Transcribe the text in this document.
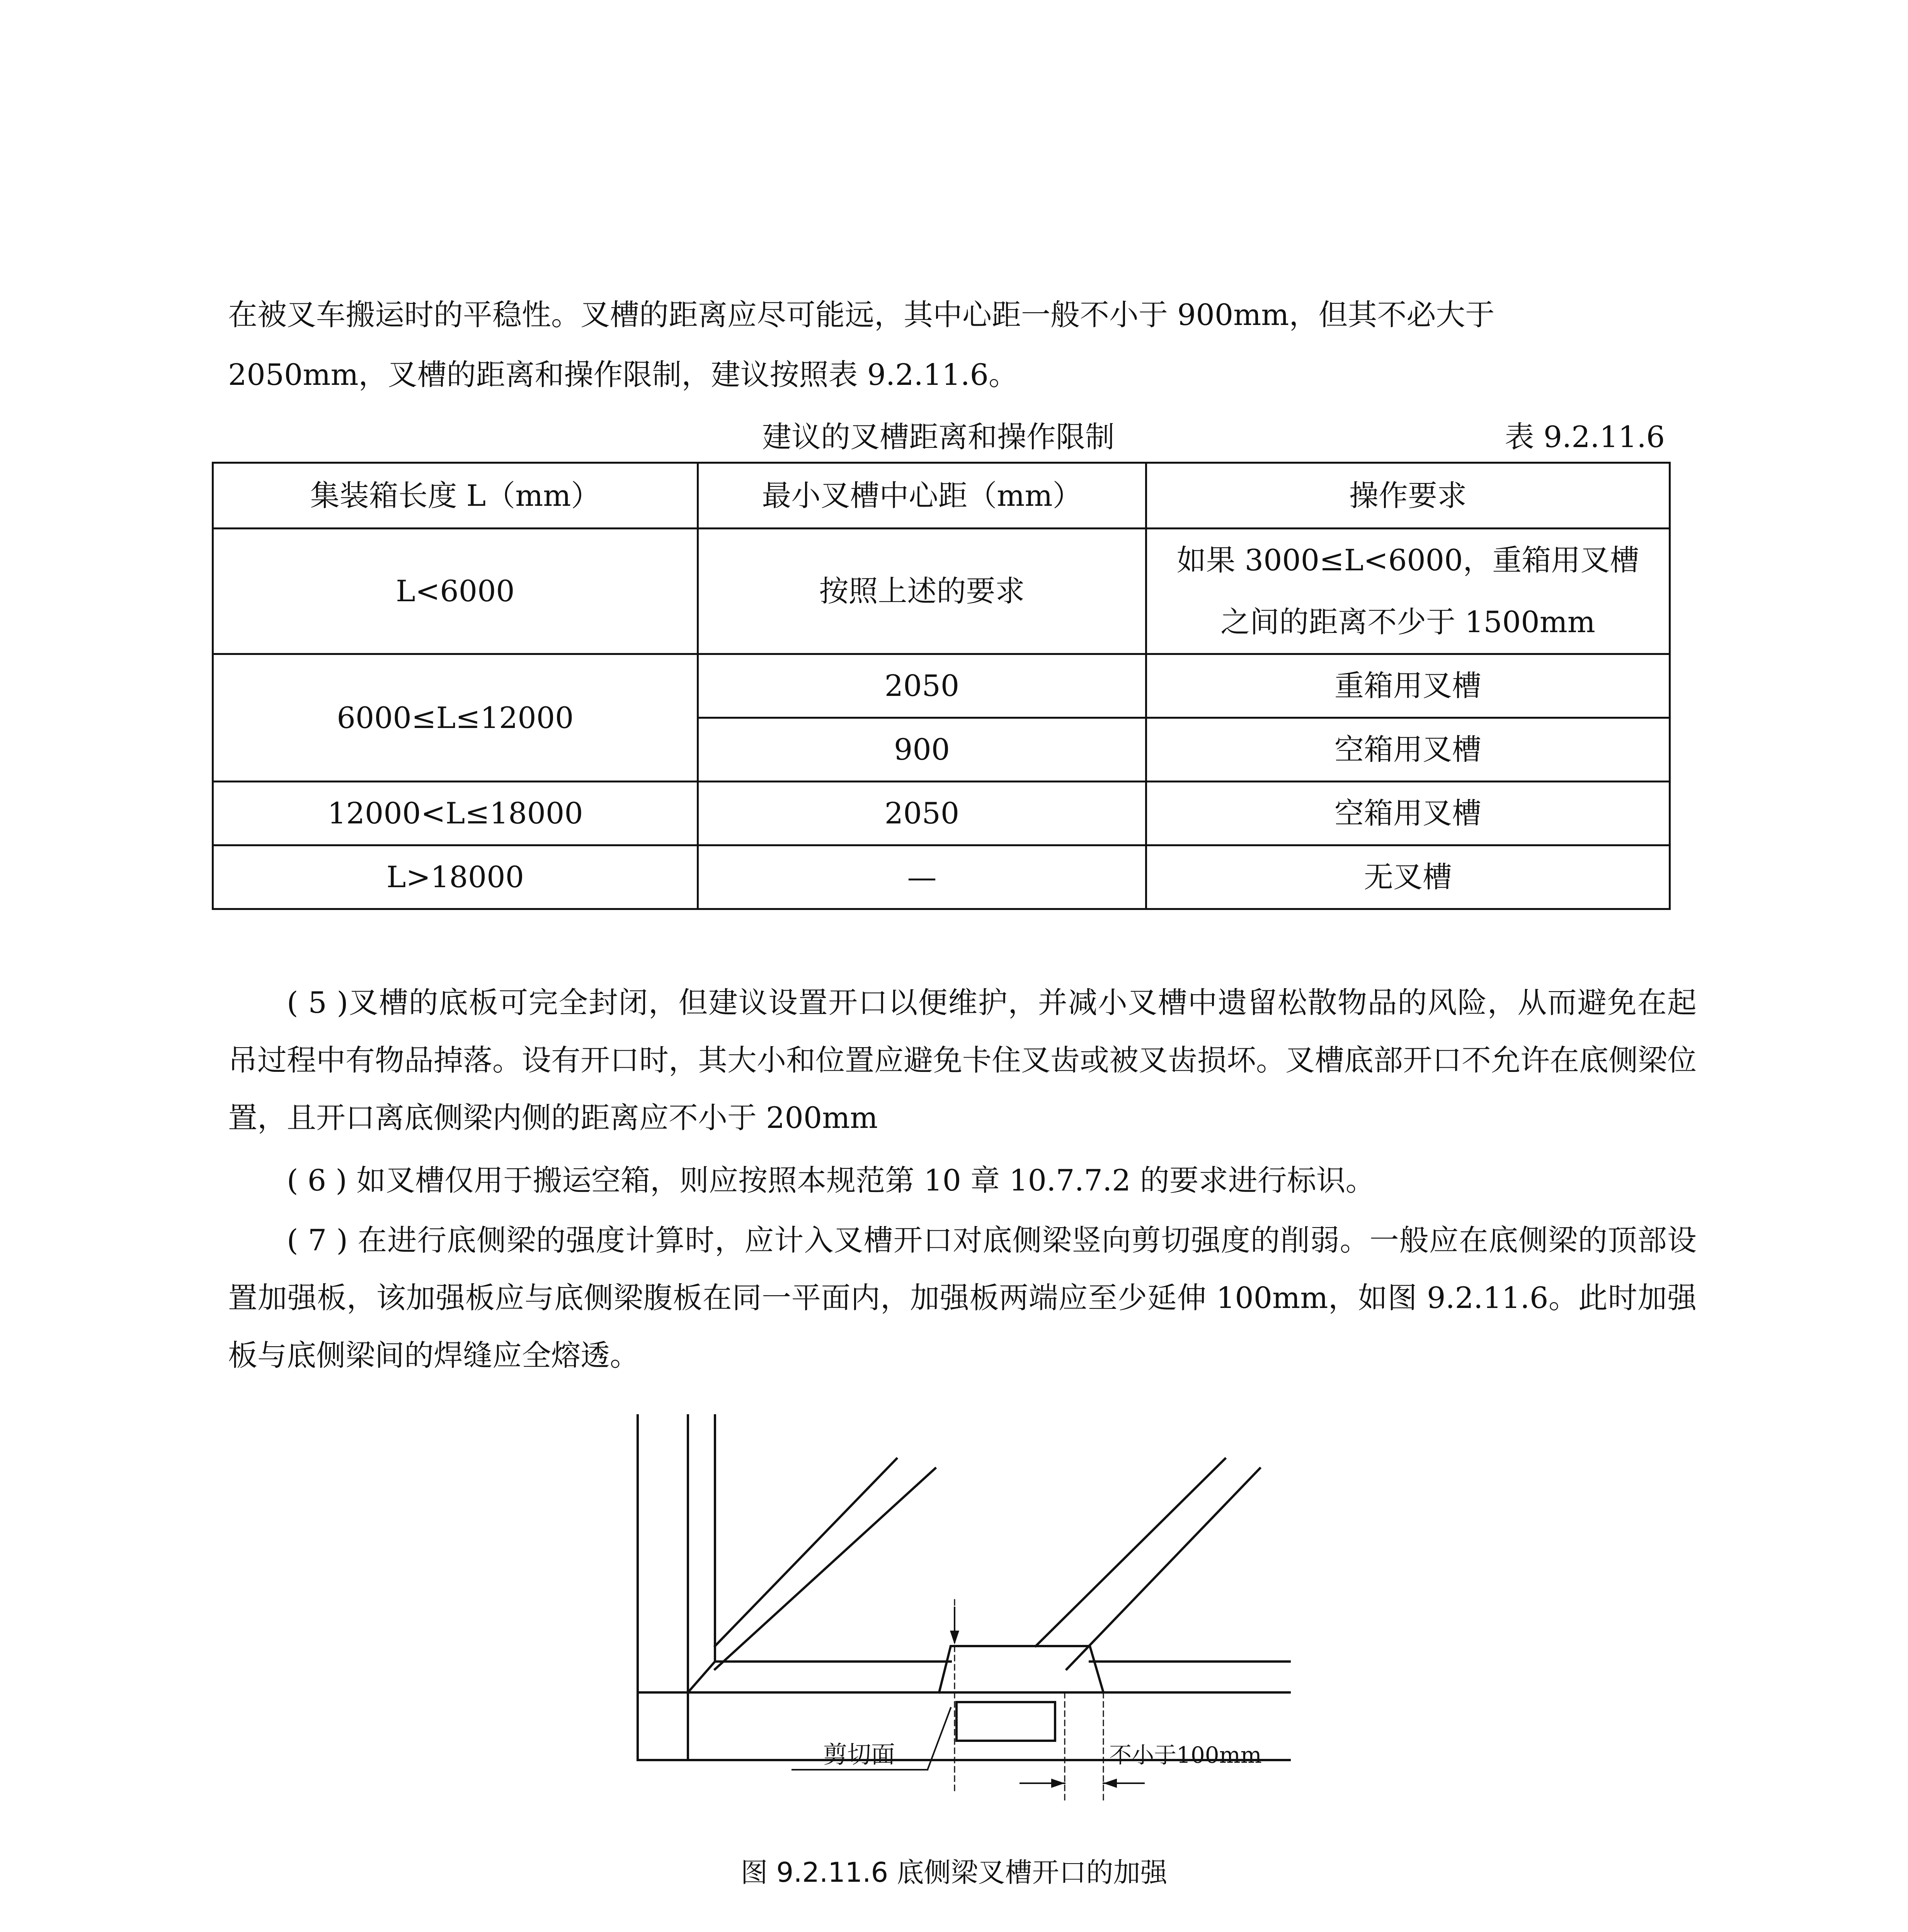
在被叉车搬运时的平稳性。叉槽的距离应尽可能远，其中心距一般不小于 900mm，但其不必大于

2050mm，叉槽的距离和操作限制，建议按照表 9.2.11.6。

建议的叉槽距离和操作限制	表 9.2.11.6
集装箱长度 L（mm）	最小叉槽中心距（mm）	操作要求
L<6000	按照上述的要求	如果 3000≤L<6000，重箱用叉槽之间的距离不少于 1500mm
6000≤L≤12000	2050	重箱用叉槽
	900	空箱用叉槽
12000<L≤18000	2050	空箱用叉槽
L>18000	—	无叉槽

( 5 )叉槽的底板可完全封闭，但建议设置开口以便维护，并减小叉槽中遗留松散物品的风险，从而避免在起吊过程中有物品掉落。设有开口时，其大小和位置应避免卡住叉齿或被叉齿损坏。叉槽底部开口不允许在底侧梁位置，且开口离底侧梁内侧的距离应不小于 200mm

( 6 ) 如叉槽仅用于搬运空箱，则应按照本规范第 10 章 10.7.7.2 的要求进行标识。

( 7 ) 在进行底侧梁的强度计算时，应计入叉槽开口对底侧梁竖向剪切强度的削弱。一般应在底侧梁的顶部设置加强板，该加强板应与底侧梁腹板在同一平面内，加强板两端应至少延伸 100mm，如图 9.2.11.6。此时加强板与底侧梁间的焊缝应全熔透。

剪切面	不小于100mm
图 9.2.11.6 底侧梁叉槽开口的加强
